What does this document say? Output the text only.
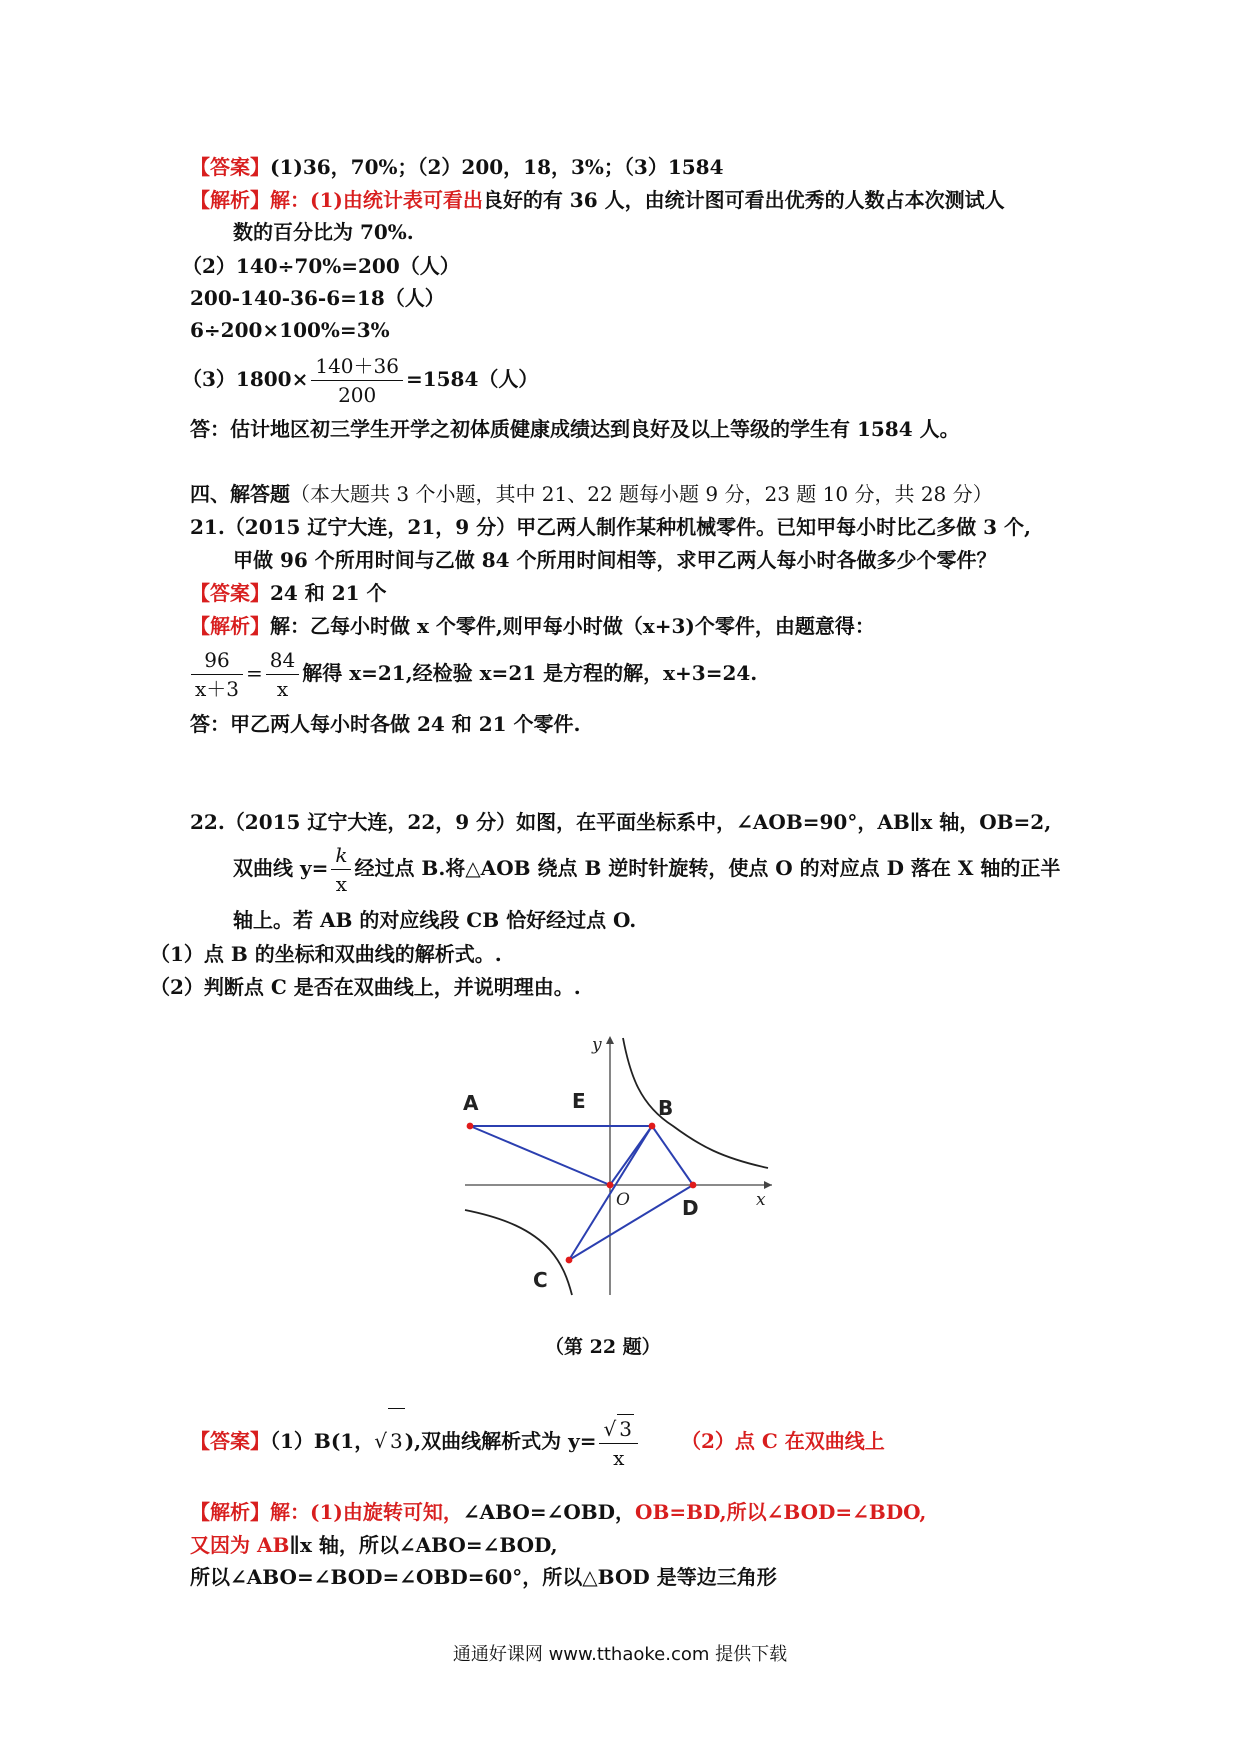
【答案】(1)36，70%；（2）200，18，3%；（3）1584
【解析】解：(1)由统计表可看出良好的有 36 人，由统计图可看出优秀的人数占本次测试人
数的百分比为 70%.
（2）140÷70%=200（人）
200-140-36-6=18（人）
6÷200×100%=3%
$(3)1800\times \frac{140+36}{200} =1584$（人）
答：估计地区初三学生开学之初体质健康成绩达到良好及以上等级的学生有 1584 人。
四、解答题（本大题共 3 个小题，其中 21、22 题每小题 9 分，23 题 10 分，共 28 分）
21.（2015 辽宁大连，21，9 分）甲乙两人制作某种机械零件。已知甲每小时比乙多做 3 个,
甲做 96 个所用时间与乙做 84 个所用时间相等，求甲乙两人每小时各做多少个零件？
【答案】24 和 21 个
【解析】解：乙每小时做 x 个零件,则甲每小时做（x+3)个零件，由题意得：
$\frac{96}{x+3} = \frac{84}{x}$ 解得 x=21,经检验 x=21 是方程的解，x+3=24.
答：甲乙两人每小时各做 24 和 21 个零件.
22.（2015 辽宁大连，22，9 分）如图，在平面坐标系中，∠AOB=90°，AB∥x 轴，OB=2,
双曲线 $y= \frac{k}{x}$ 经过点 B.将△AOB 绕点 B 逆时针旋转，使点 O 的对应点 D 落在 X 轴的正半
轴上。若 AB 的对应线段 CB 恰好经过点 O.
（1）点 B 的坐标和双曲线的解析式。.
（2）判断点 C 是否在双曲线上，并说明理由。.
A	E	B
D
C
O	x
y
（第 22 题）
【答案】（1）B(1，√ 3 ),双曲线解析式为 $y= \frac{√ 3}{x} (2)$点 C 在双曲线上
【解析】解：(1)由旋转可知，∠ABO=∠OBD，OB=BD,所以∠BOD=∠BDO,
又因为 AB∥x 轴，所以∠ABO=∠BOD,
所以∠ABO=∠BOD=∠OBD=60°，所以△BOD 是等边三角形
通通好课网 www.tthaoke.com 提供下载
